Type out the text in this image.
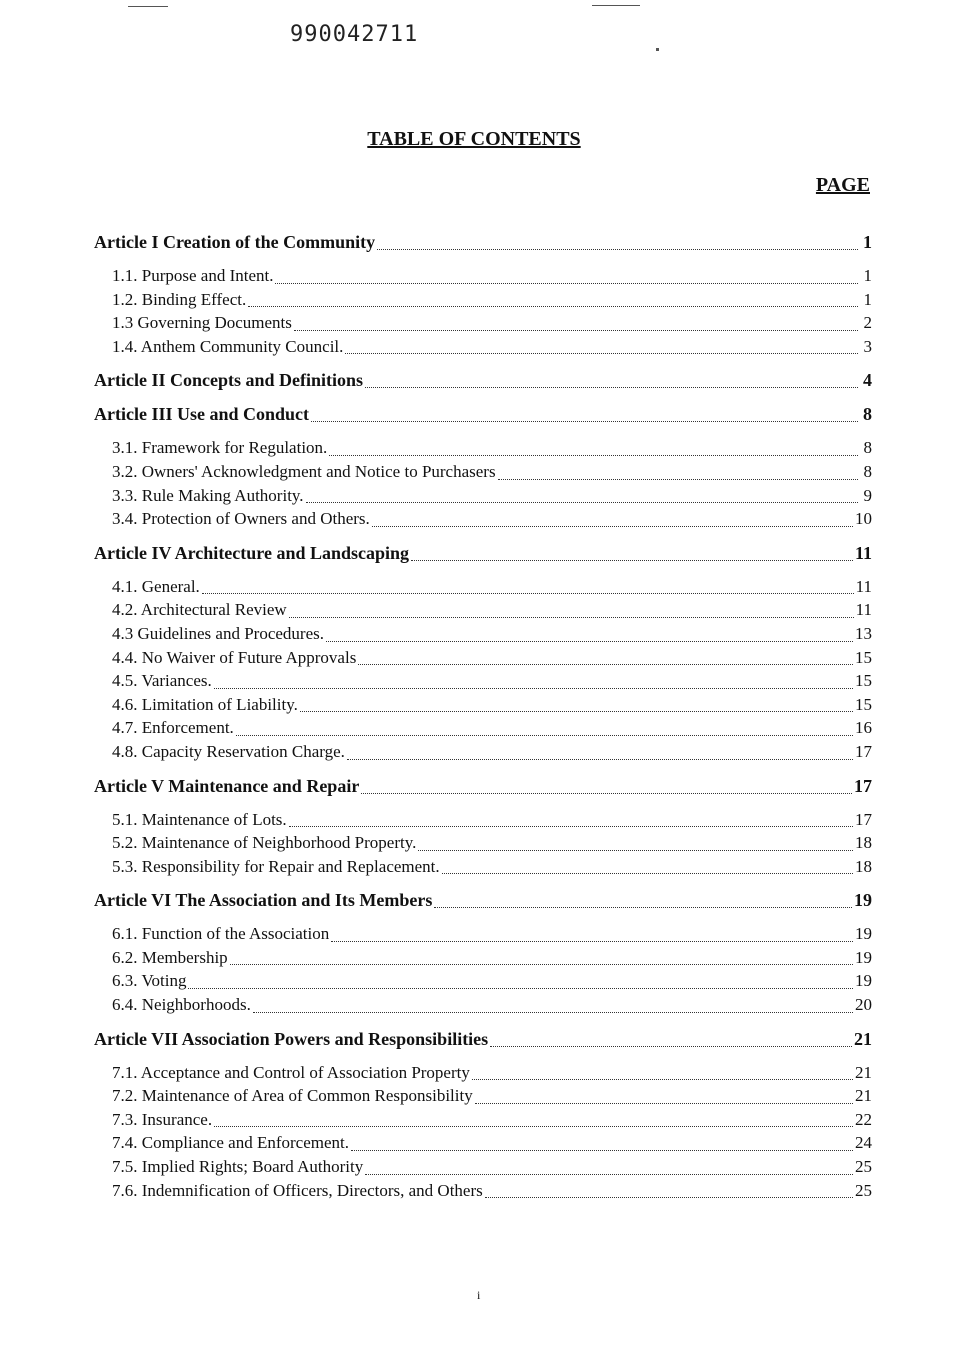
990042711
TABLE OF CONTENTS
PAGE
Article I Creation of the Community	1
1.1. Purpose and Intent.	1
1.2. Binding Effect.	1
1.3 Governing Documents	2
1.4. Anthem Community Council.	3
Article II Concepts and Definitions	4
Article III Use and Conduct	8
3.1. Framework for Regulation.	8
3.2. Owners' Acknowledgment and Notice to Purchasers	8
3.3. Rule Making Authority.	9
3.4. Protection of Owners and Others.	10
Article IV Architecture and Landscaping	11
4.1. General.	11
4.2. Architectural Review	11
4.3 Guidelines and Procedures.	13
4.4. No Waiver of Future Approvals	15
4.5. Variances.	15
4.6. Limitation of Liability.	15
4.7. Enforcement.	16
4.8. Capacity Reservation Charge.	17
Article V Maintenance and Repair	17
5.1. Maintenance of Lots.	17
5.2. Maintenance of Neighborhood Property.	18
5.3. Responsibility for Repair and Replacement.	18
Article VI The Association and Its Members	19
6.1. Function of the Association	19
6.2. Membership	19
6.3. Voting	19
6.4. Neighborhoods.	20
Article VII Association Powers and Responsibilities	21
7.1. Acceptance and Control of Association Property	21
7.2. Maintenance of Area of Common Responsibility	21
7.3. Insurance.	22
7.4. Compliance and Enforcement.	24
7.5. Implied Rights; Board Authority	25
7.6. Indemnification of Officers, Directors, and Others	25
i
